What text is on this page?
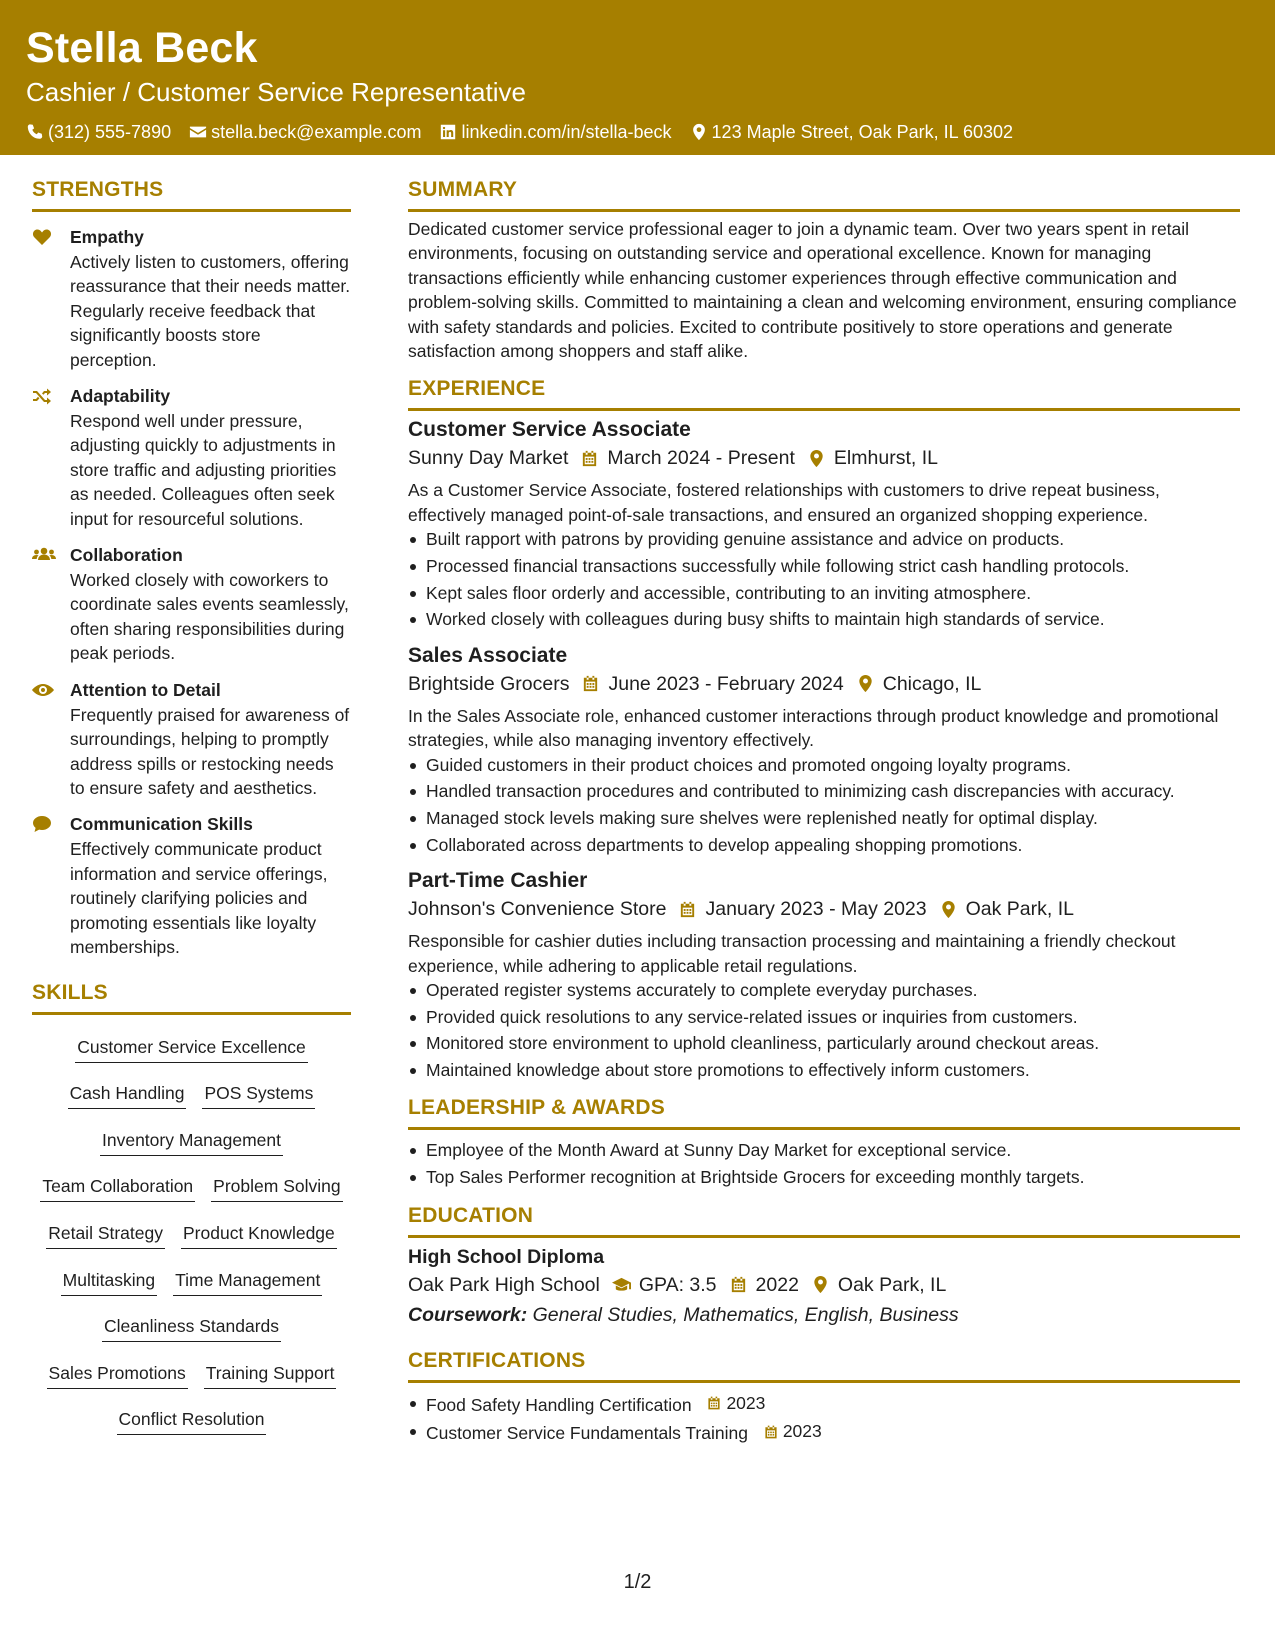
Stella Beck
Cashier / Customer Service Representative
(312) 555-7890 stella.beck@example.com linkedin.com/in/stella-beck 123 Maple Street, Oak Park, IL 60302
STRENGTHS
Empathy
Actively listen to customers, offering reassurance that their needs matter. Regularly receive feedback that significantly boosts store perception.
Adaptability
Respond well under pressure, adjusting quickly to adjustments in store traffic and adjusting priorities as needed. Colleagues often seek input for resourceful solutions.
Collaboration
Worked closely with coworkers to coordinate sales events seamlessly, often sharing responsibilities during peak periods.
Attention to Detail
Frequently praised for awareness of surroundings, helping to promptly address spills or restocking needs to ensure safety and aesthetics.
Communication Skills
Effectively communicate product information and service offerings, routinely clarifying policies and promoting essentials like loyalty memberships.
SKILLS
Customer Service Excellence
Cash Handling POS Systems
Inventory Management
Team Collaboration Problem Solving
Retail Strategy Product Knowledge
Multitasking Time Management
Cleanliness Standards
Sales Promotions Training Support
Conflict Resolution
SUMMARY
Dedicated customer service professional eager to join a dynamic team. Over two years spent in retail environments, focusing on outstanding service and operational excellence. Known for managing transactions efficiently while enhancing customer experiences through effective communication and problem-solving skills. Committed to maintaining a clean and welcoming environment, ensuring compliance with safety standards and policies. Excited to contribute positively to store operations and generate satisfaction among shoppers and staff alike.
EXPERIENCE
Customer Service Associate
Sunny Day Market March 2024 - Present Elmhurst, IL
As a Customer Service Associate, fostered relationships with customers to drive repeat business, effectively managed point-of-sale transactions, and ensured an organized shopping experience.
Built rapport with patrons by providing genuine assistance and advice on products.
Processed financial transactions successfully while following strict cash handling protocols.
Kept sales floor orderly and accessible, contributing to an inviting atmosphere.
Worked closely with colleagues during busy shifts to maintain high standards of service.
Sales Associate
Brightside Grocers June 2023 - February 2024 Chicago, IL
In the Sales Associate role, enhanced customer interactions through product knowledge and promotional strategies, while also managing inventory effectively.
Guided customers in their product choices and promoted ongoing loyalty programs.
Handled transaction procedures and contributed to minimizing cash discrepancies with accuracy.
Managed stock levels making sure shelves were replenished neatly for optimal display.
Collaborated across departments to develop appealing shopping promotions.
Part-Time Cashier
Johnson's Convenience Store January 2023 - May 2023 Oak Park, IL
Responsible for cashier duties including transaction processing and maintaining a friendly checkout experience, while adhering to applicable retail regulations.
Operated register systems accurately to complete everyday purchases.
Provided quick resolutions to any service-related issues or inquiries from customers.
Monitored store environment to uphold cleanliness, particularly around checkout areas.
Maintained knowledge about store promotions to effectively inform customers.
LEADERSHIP & AWARDS
Employee of the Month Award at Sunny Day Market for exceptional service.
Top Sales Performer recognition at Brightside Grocers for exceeding monthly targets.
EDUCATION
High School Diploma
Oak Park High School GPA: 3.5 2022 Oak Park, IL
Coursework: General Studies, Mathematics, English, Business
CERTIFICATIONS
Food Safety Handling Certification 2023
Customer Service Fundamentals Training 2023
1/2
